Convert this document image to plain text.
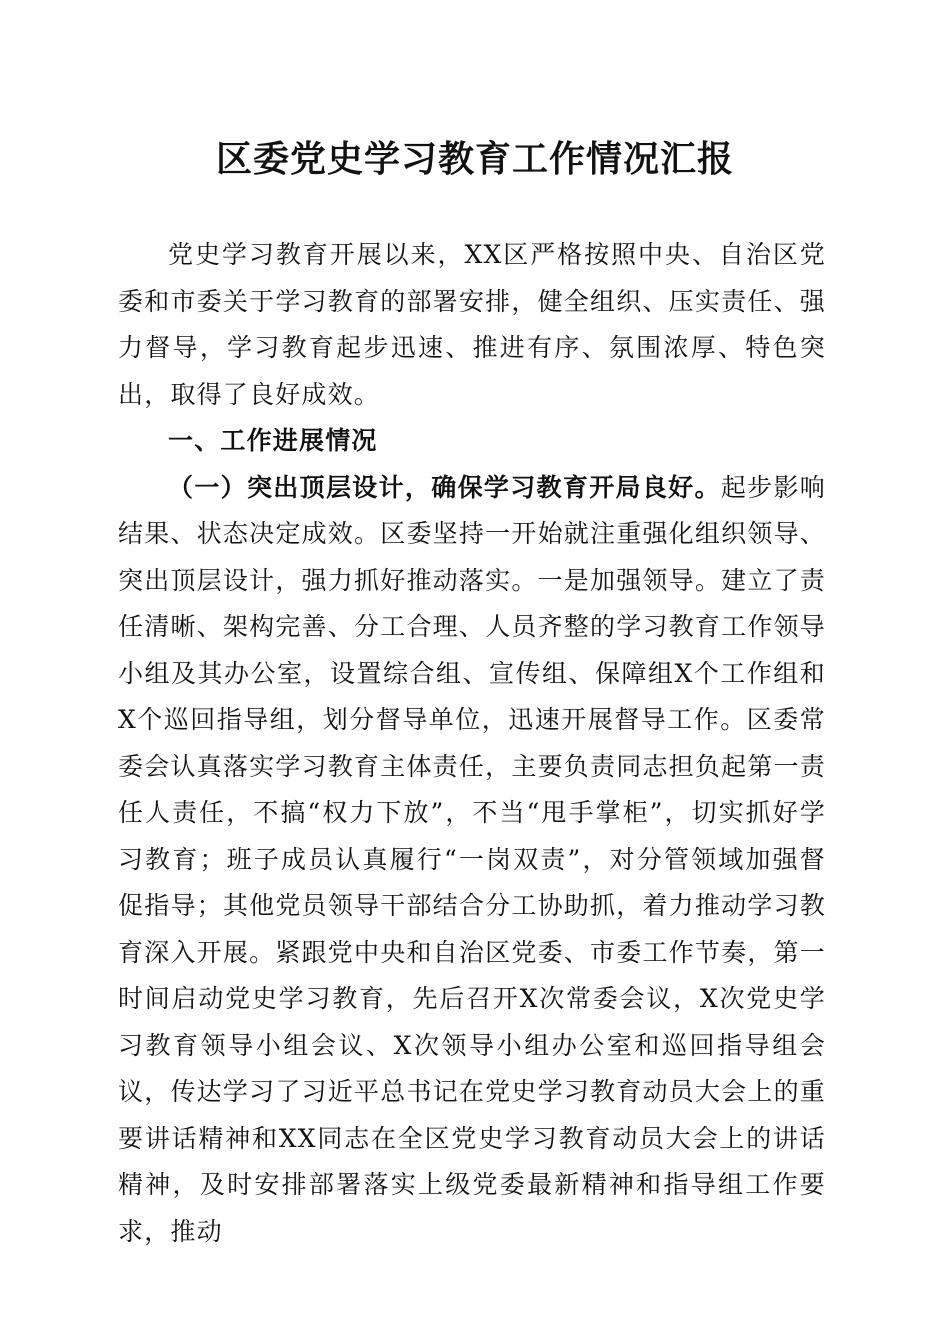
区委党史学习教育工作情况汇报

党史学习教育开展以来，XX区严格按照中央、自治区党委和市委关于学习教育的部署安排，健全组织、压实责任、强力督导，学习教育起步迅速、推进有序、氛围浓厚、特色突出，取得了良好成效。

一、工作进展情况

（一）突出顶层设计，确保学习教育开局良好。起步影响结果、状态决定成效。区委坚持一开始就注重强化组织领导、突出顶层设计，强力抓好推动落实。一是加强领导。建立了责任清晰、架构完善、分工合理、人员齐整的学习教育工作领导小组及其办公室，设置综合组、宣传组、保障组X个工作组和X个巡回指导组，划分督导单位，迅速开展督导工作。区委常委会认真落实学习教育主体责任，主要负责同志担负起第一责任人责任，不搞“权力下放”，不当“甩手掌柜”，切实抓好学习教育；班子成员认真履行“一岗双责”，对分管领域加强督促指导；其他党员领导干部结合分工协助抓，着力推动学习教育深入开展。紧跟党中央和自治区党委、市委工作节奏，第一时间启动党史学习教育，先后召开X次常委会议，X次党史学习教育领导小组会议、X次领导小组办公室和巡回指导组会议，传达学习了习近平总书记在党史学习教育动员大会上的重要讲话精神和XX同志在全区党史学习教育动员大会上的讲话精神，及时安排部署落实上级党委最新精神和指导组工作要求，推动
